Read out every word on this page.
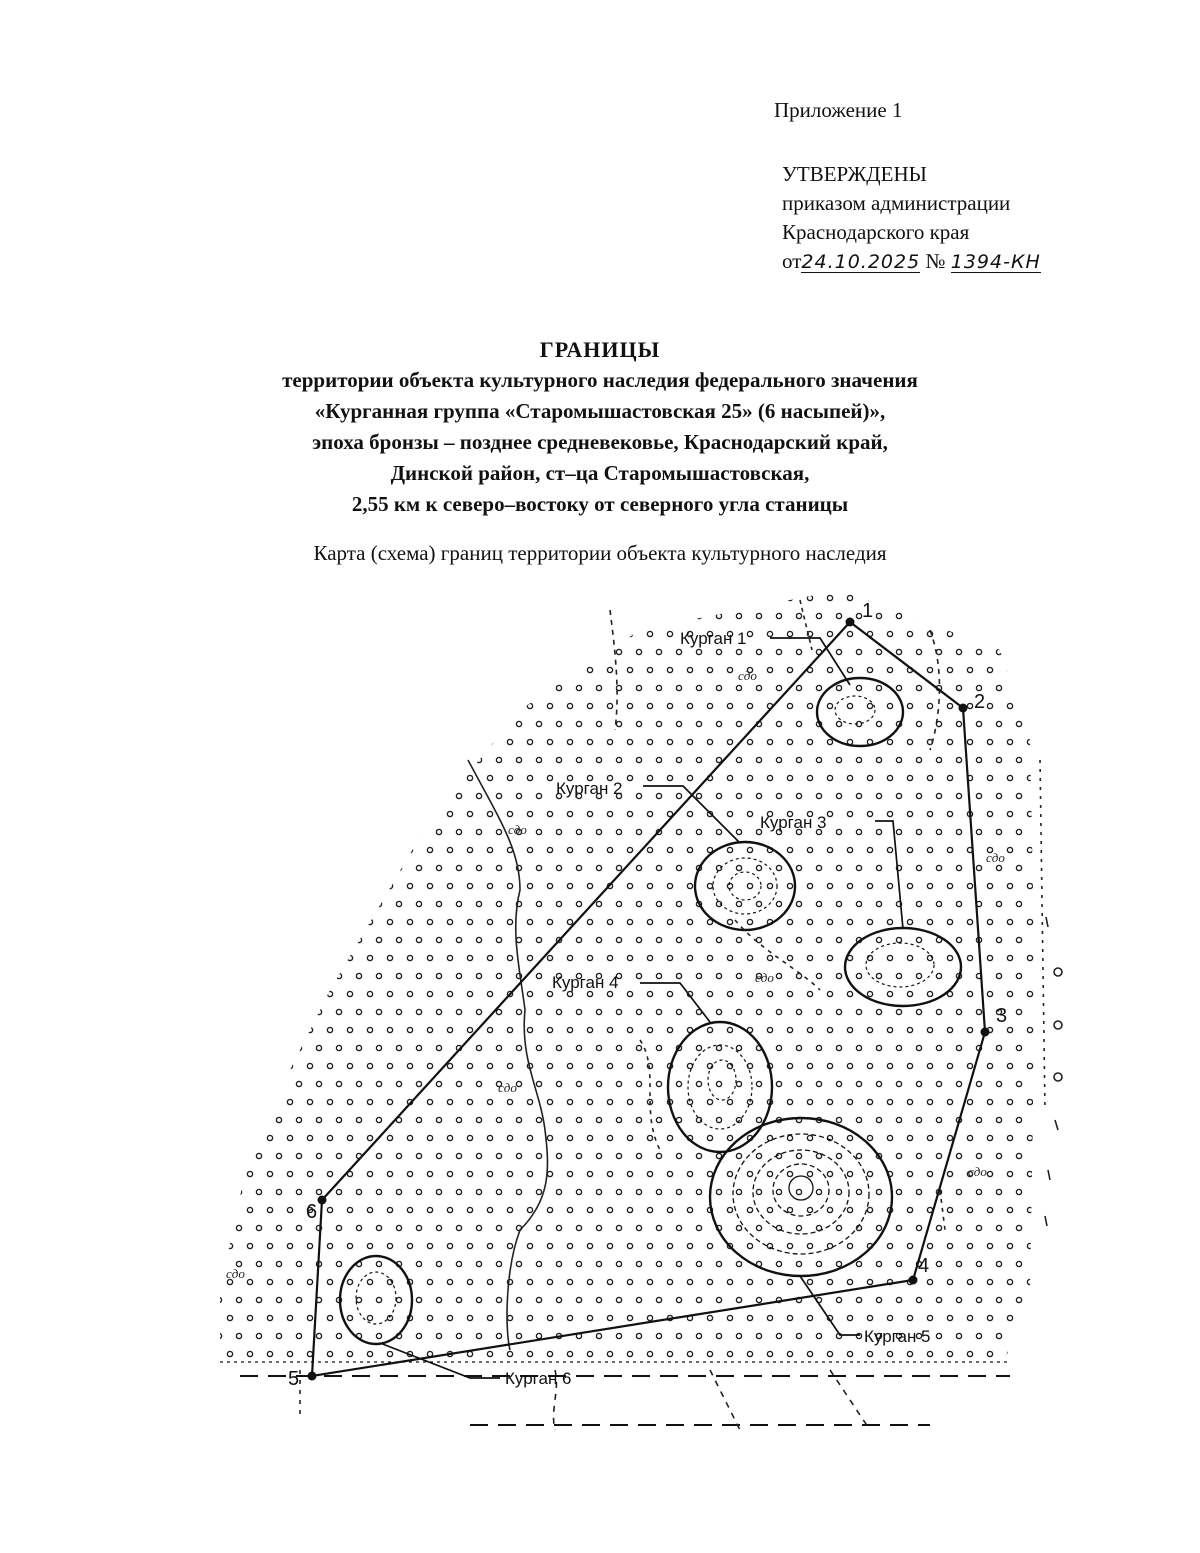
Приложение 1
УТВЕРЖДЕНЫ
приказом администрации
Краснодарского края
от24.10.2025 № 1394-КН
ГРАНИЦЫ
территории объекта культурного наследия федерального значения
«Курганная группа «Старомышастовская 25» (6 насыпей)»,
эпоха бронзы – позднее средневековье, Краснодарский край,
Динской район, ст–ца Старомышастовская,
2,55 км к северо–востоку от северного угла станицы
Карта (схема) границ территории объекта культурного наследия
1
2
3
4
5
6
Курган 1
Курган 2
Курган 3
Курган 4
Курган 5
Курган 6
сдо
сдо
сдо
сдо
сдо
сдо
сдо
